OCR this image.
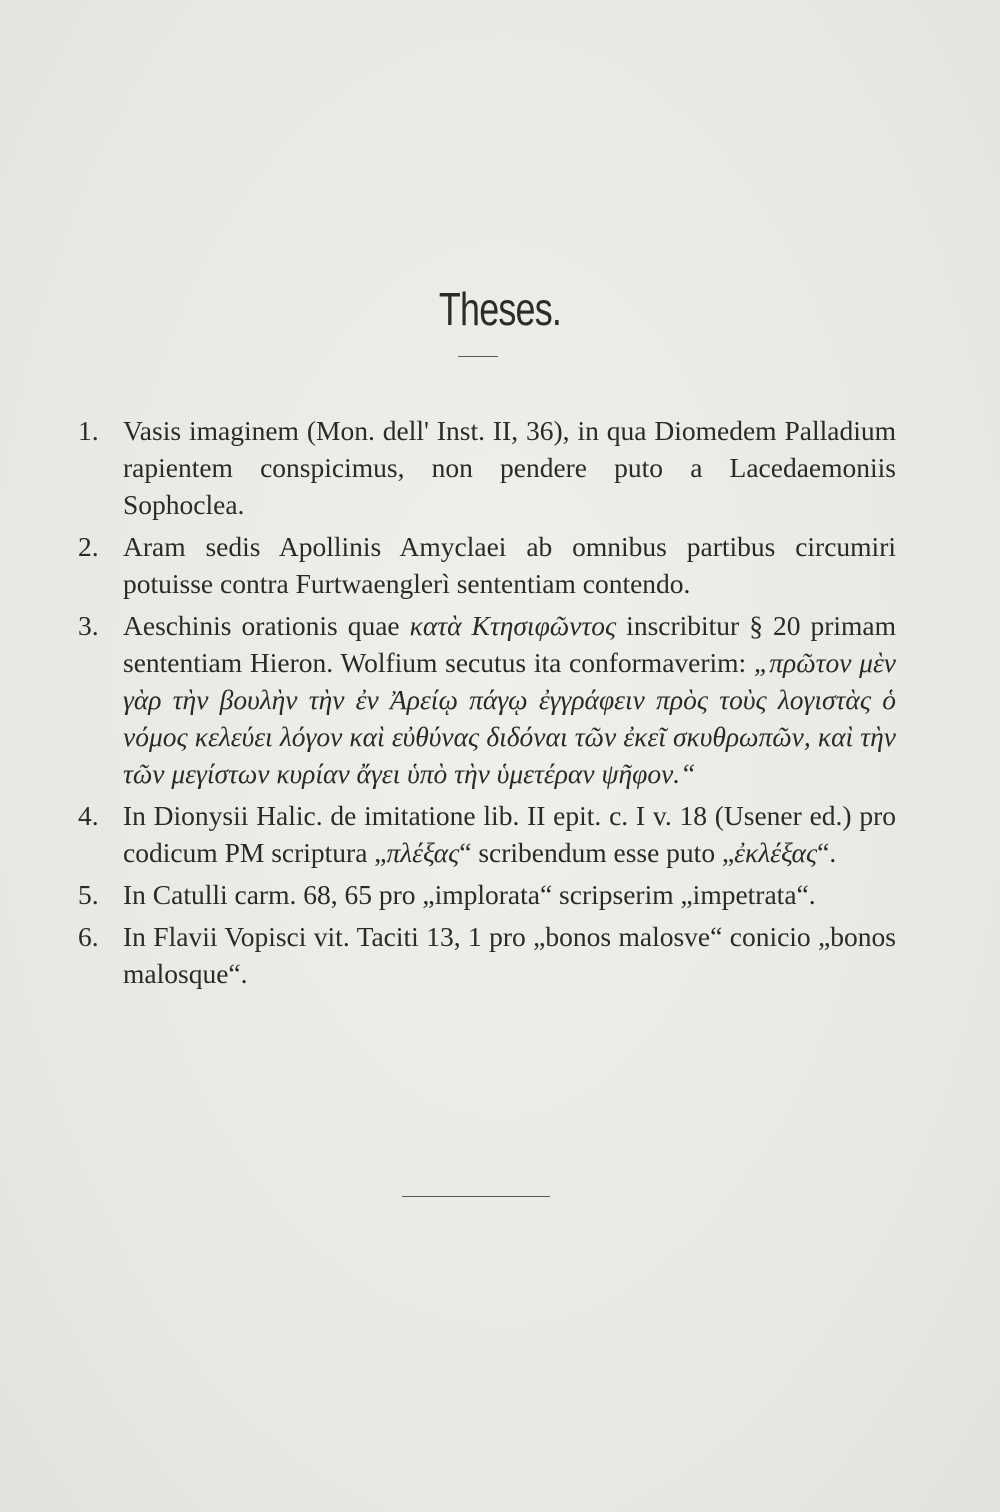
Theses.
1. Vasis imaginem (Mon. dell' Inst. II, 36), in qua Diomedem Palladium rapientem conspicimus, non pendere puto a Lacedaemoniis Sophoclea.
2. Aram sedis Apollinis Amyclaei ab omnibus partibus circumiri potuisse contra Furtwaenglerì sententiam contendo.
3. Aeschinis orationis quae κατὰ Κτησιφῶντος inscribitur § 20 primam sententiam Hieron. Wolfium secutus ita conformaverim: „πρῶτον μὲν γὰρ τὴν βουλὴν τὴν ἐν Ἀρείῳ πάγῳ ἐγγράφειν πρὸς τοὺς λογιστὰς ὁ νόμος κελεύει λόγον καὶ εὐθύνας διδόναι τῶν ἐκεῖ σκυθρωπῶν, καὶ τὴν τῶν μεγίστων κυρίαν ἄγει ὑπὸ τὴν ὑμετέραν ψῆφον.“
4. In Dionysii Halic. de imitatione lib. II epit. c. I v. 18 (Usener ed.) pro codicum PM scriptura „πλέξας“ scribendum esse puto „ἐκλέξας“.
5. In Catulli carm. 68, 65 pro „implorata“ scripserim „impetrata“.
6. In Flavii Vopisci vit. Taciti 13, 1 pro „bonos malosve“ conicio „bonos malosque“.
